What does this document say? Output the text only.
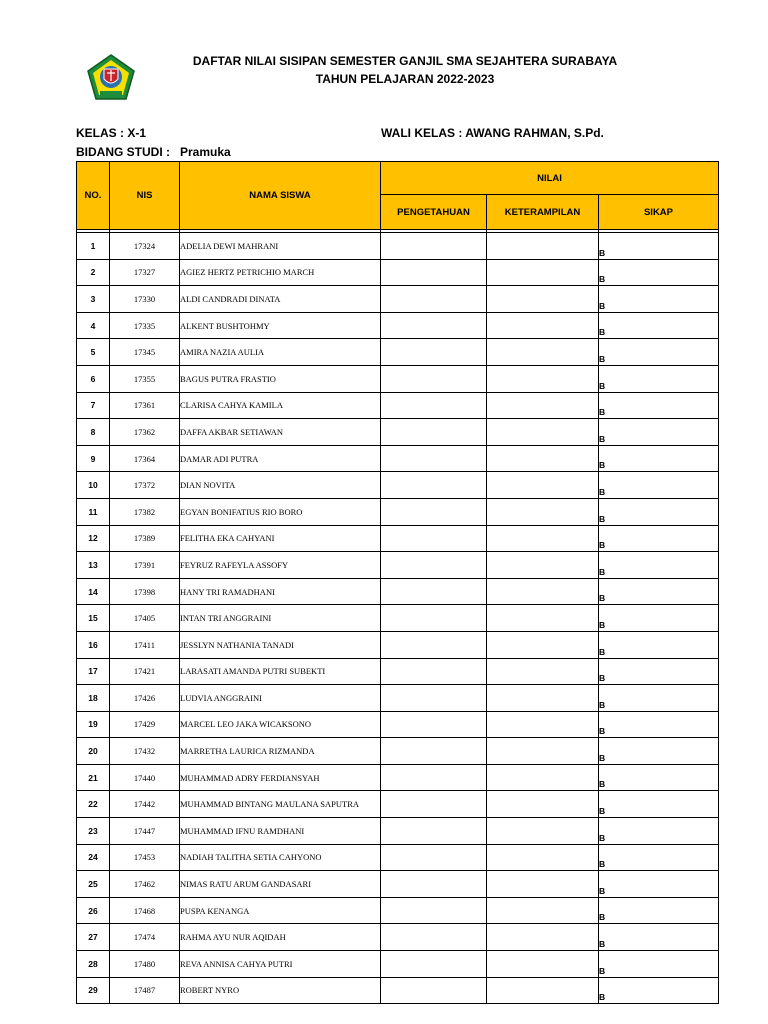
DAFTAR NILAI SISIPAN SEMESTER GANJIL SMA SEJAHTERA SURABAYA
TAHUN PELAJARAN 2022-2023
KELAS : X-1	WALI KELAS : AWANG RAHMAN, S.Pd.
BIDANG STUDI : Pramuka
NO.	NIS	NAMA SISWA	NILAI		
			PENGETAHUAN	KETERAMPILAN	SIKAP

1	17324	ADELIA DEWI MAHRANI			B
2	17327	AGIEZ HERTZ PETRICHIO MARCH			B
3	17330	ALDI CANDRADI DINATA			B
4	17335	ALKENT BUSHTOHMY			B
5	17345	AMIRA NAZIA AULIA			B
6	17355	BAGUS PUTRA FRASTIO			B
7	17361	CLARISA CAHYA KAMILA			B
8	17362	DAFFA AKBAR SETIAWAN			B
9	17364	DAMAR ADI PUTRA			B
10	17372	DIAN NOVITA			B
11	17382	EGYAN BONIFATIUS RIO BORO			B
12	17389	FELITHA EKA CAHYANI			B
13	17391	FEYRUZ RAFEYLA ASSOFY			B
14	17398	HANY TRI RAMADHANI			B
15	17405	INTAN TRI ANGGRAINI			B
16	17411	JESSLYN NATHANIA TANADI			B
17	17421	LARASATI AMANDA PUTRI SUBEKTI			B
18	17426	LUDVIA ANGGRAINI			B
19	17429	MARCEL LEO JAKA WICAKSONO			B
20	17432	MARRETHA LAURICA RIZMANDA			B
21	17440	MUHAMMAD ADRY FERDIANSYAH			B
22	17442	MUHAMMAD BINTANG MAULANA SAPUTRA			B
23	17447	MUHAMMAD IFNU RAMDHANI			B
24	17453	NADIAH TALITHA SETIA CAHYONO			B
25	17462	NIMAS RATU ARUM GANDASARI			B
26	17468	PUSPA KENANGA			B
27	17474	RAHMA AYU NUR AQIDAH			B
28	17480	REVA ANNISA CAHYA PUTRI			B
29	17487	ROBERT NYRO			B
